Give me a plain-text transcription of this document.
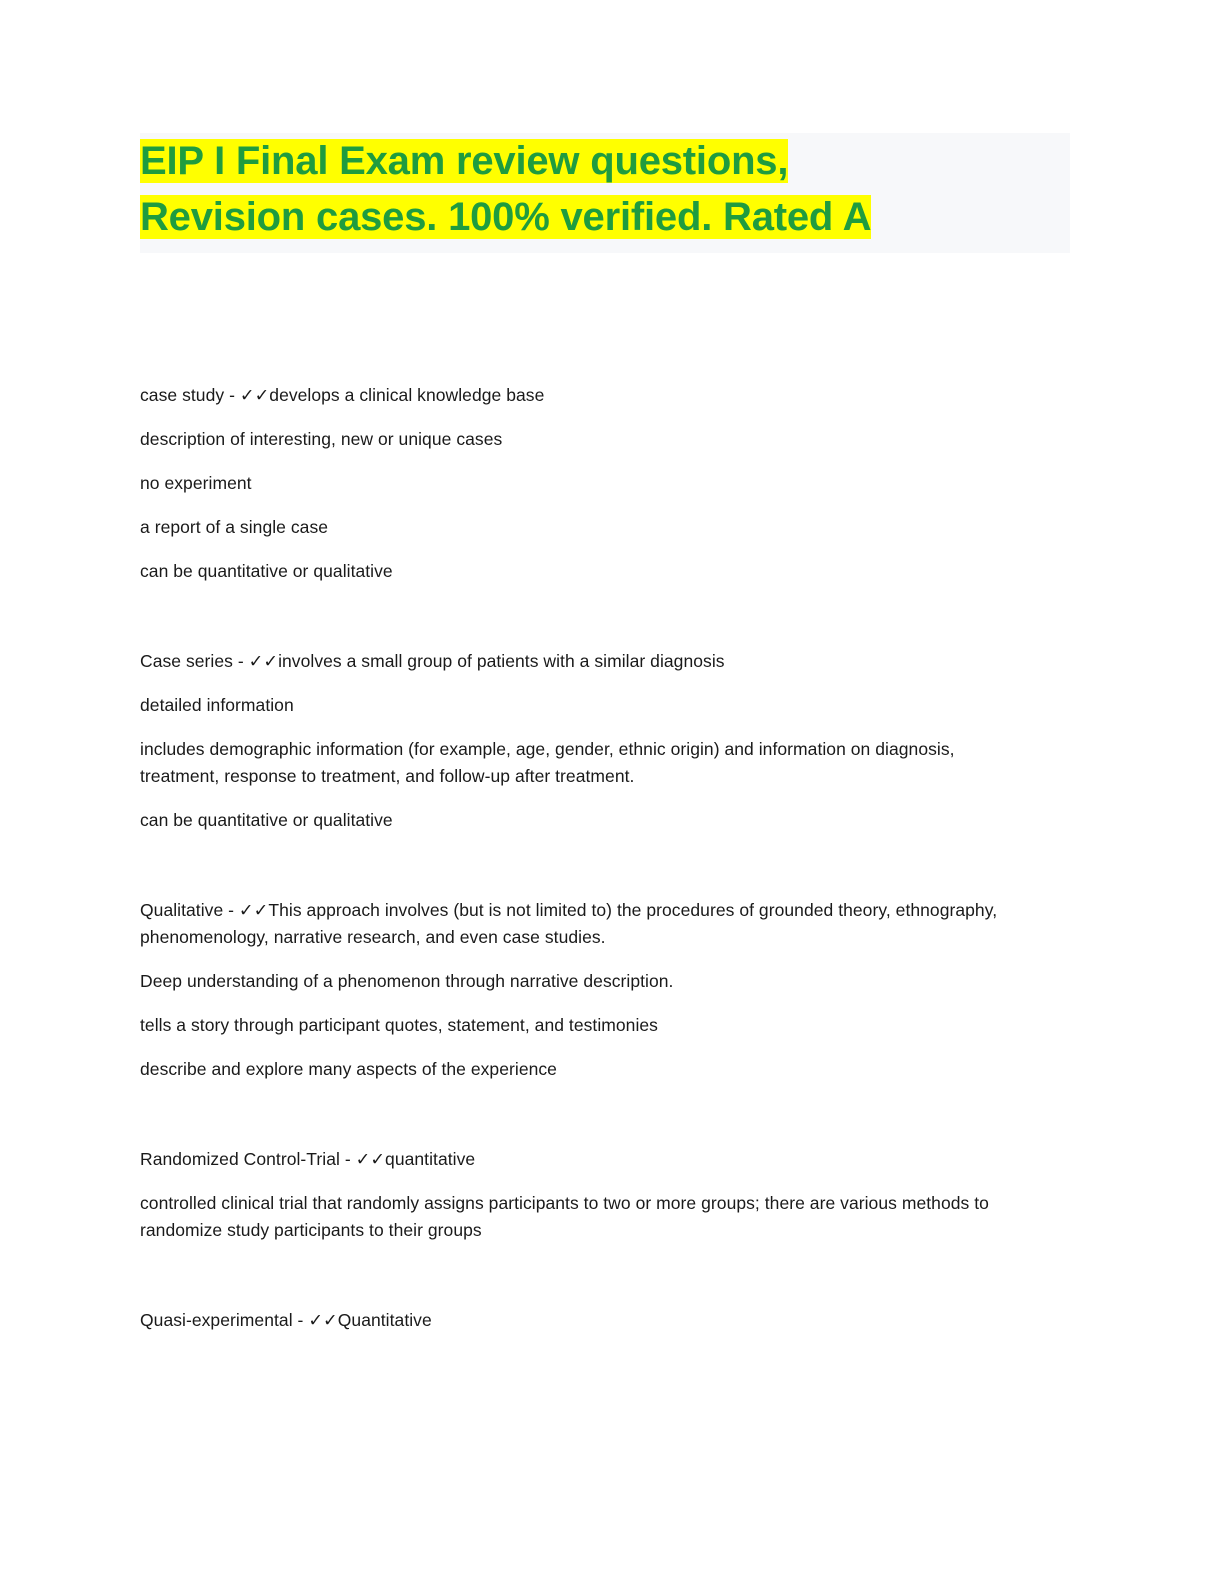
EIP I Final Exam review questions,
Revision cases. 100% verified. Rated A

case study - ✓✓develops a clinical knowledge base

description of interesting, new or unique cases

no experiment

a report of a single case

can be quantitative or qualitative

Case series - ✓✓involves a small group of patients with a similar diagnosis

detailed information

includes demographic information (for example, age, gender, ethnic origin) and information on diagnosis, treatment, response to treatment, and follow-up after treatment.

can be quantitative or qualitative

Qualitative - ✓✓This approach involves (but is not limited to) the procedures of grounded theory, ethnography, phenomenology, narrative research, and even case studies.

Deep understanding of a phenomenon through narrative description.

tells a story through participant quotes, statement, and testimonies

describe and explore many aspects of the experience

Randomized Control-Trial - ✓✓quantitative

controlled clinical trial that randomly assigns participants to two or more groups; there are various methods to randomize study participants to their groups

Quasi-experimental - ✓✓Quantitative
